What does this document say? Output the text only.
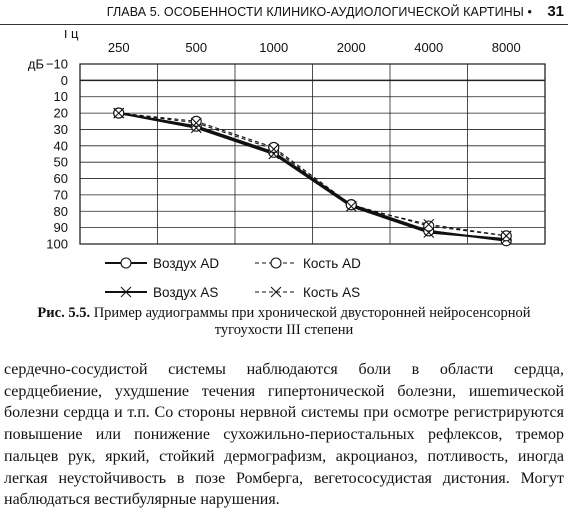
ГЛАВА 5. ОСОБЕННОСТИ КЛИНИКО-АУДИОЛОГИЧЕСКОЙ КАРТИНЫ • 31
−10
0
10
20
30
40
50
60
70
80
90
100
дБ
250	500	1000	2000	4000	8000
Гц
Воздух AD	Кость AD
Воздух AS	Кость AS
Рис. 5.5. Пример аудиограммы при хронической двусторонней нейросенсорной тугоухости III степени
сердечно-сосудистой системы наблюдаются боли в области сердца, сердцебиение, ухудшение течения гипертонической болезни, ишеmической болезни сердца и т.п. Со стороны нервной системы при осмотре регистрируются повышение или понижение сухожильно-периостальных рефлексов, тремор пальцев рук, яркий, стойкий дермографизм, акроцианоз, потливость, иногда легкая неустойчивость в позе Ромберга, вегетососудистая дистония. Могут наблюдаться вестибулярные нарушения.
